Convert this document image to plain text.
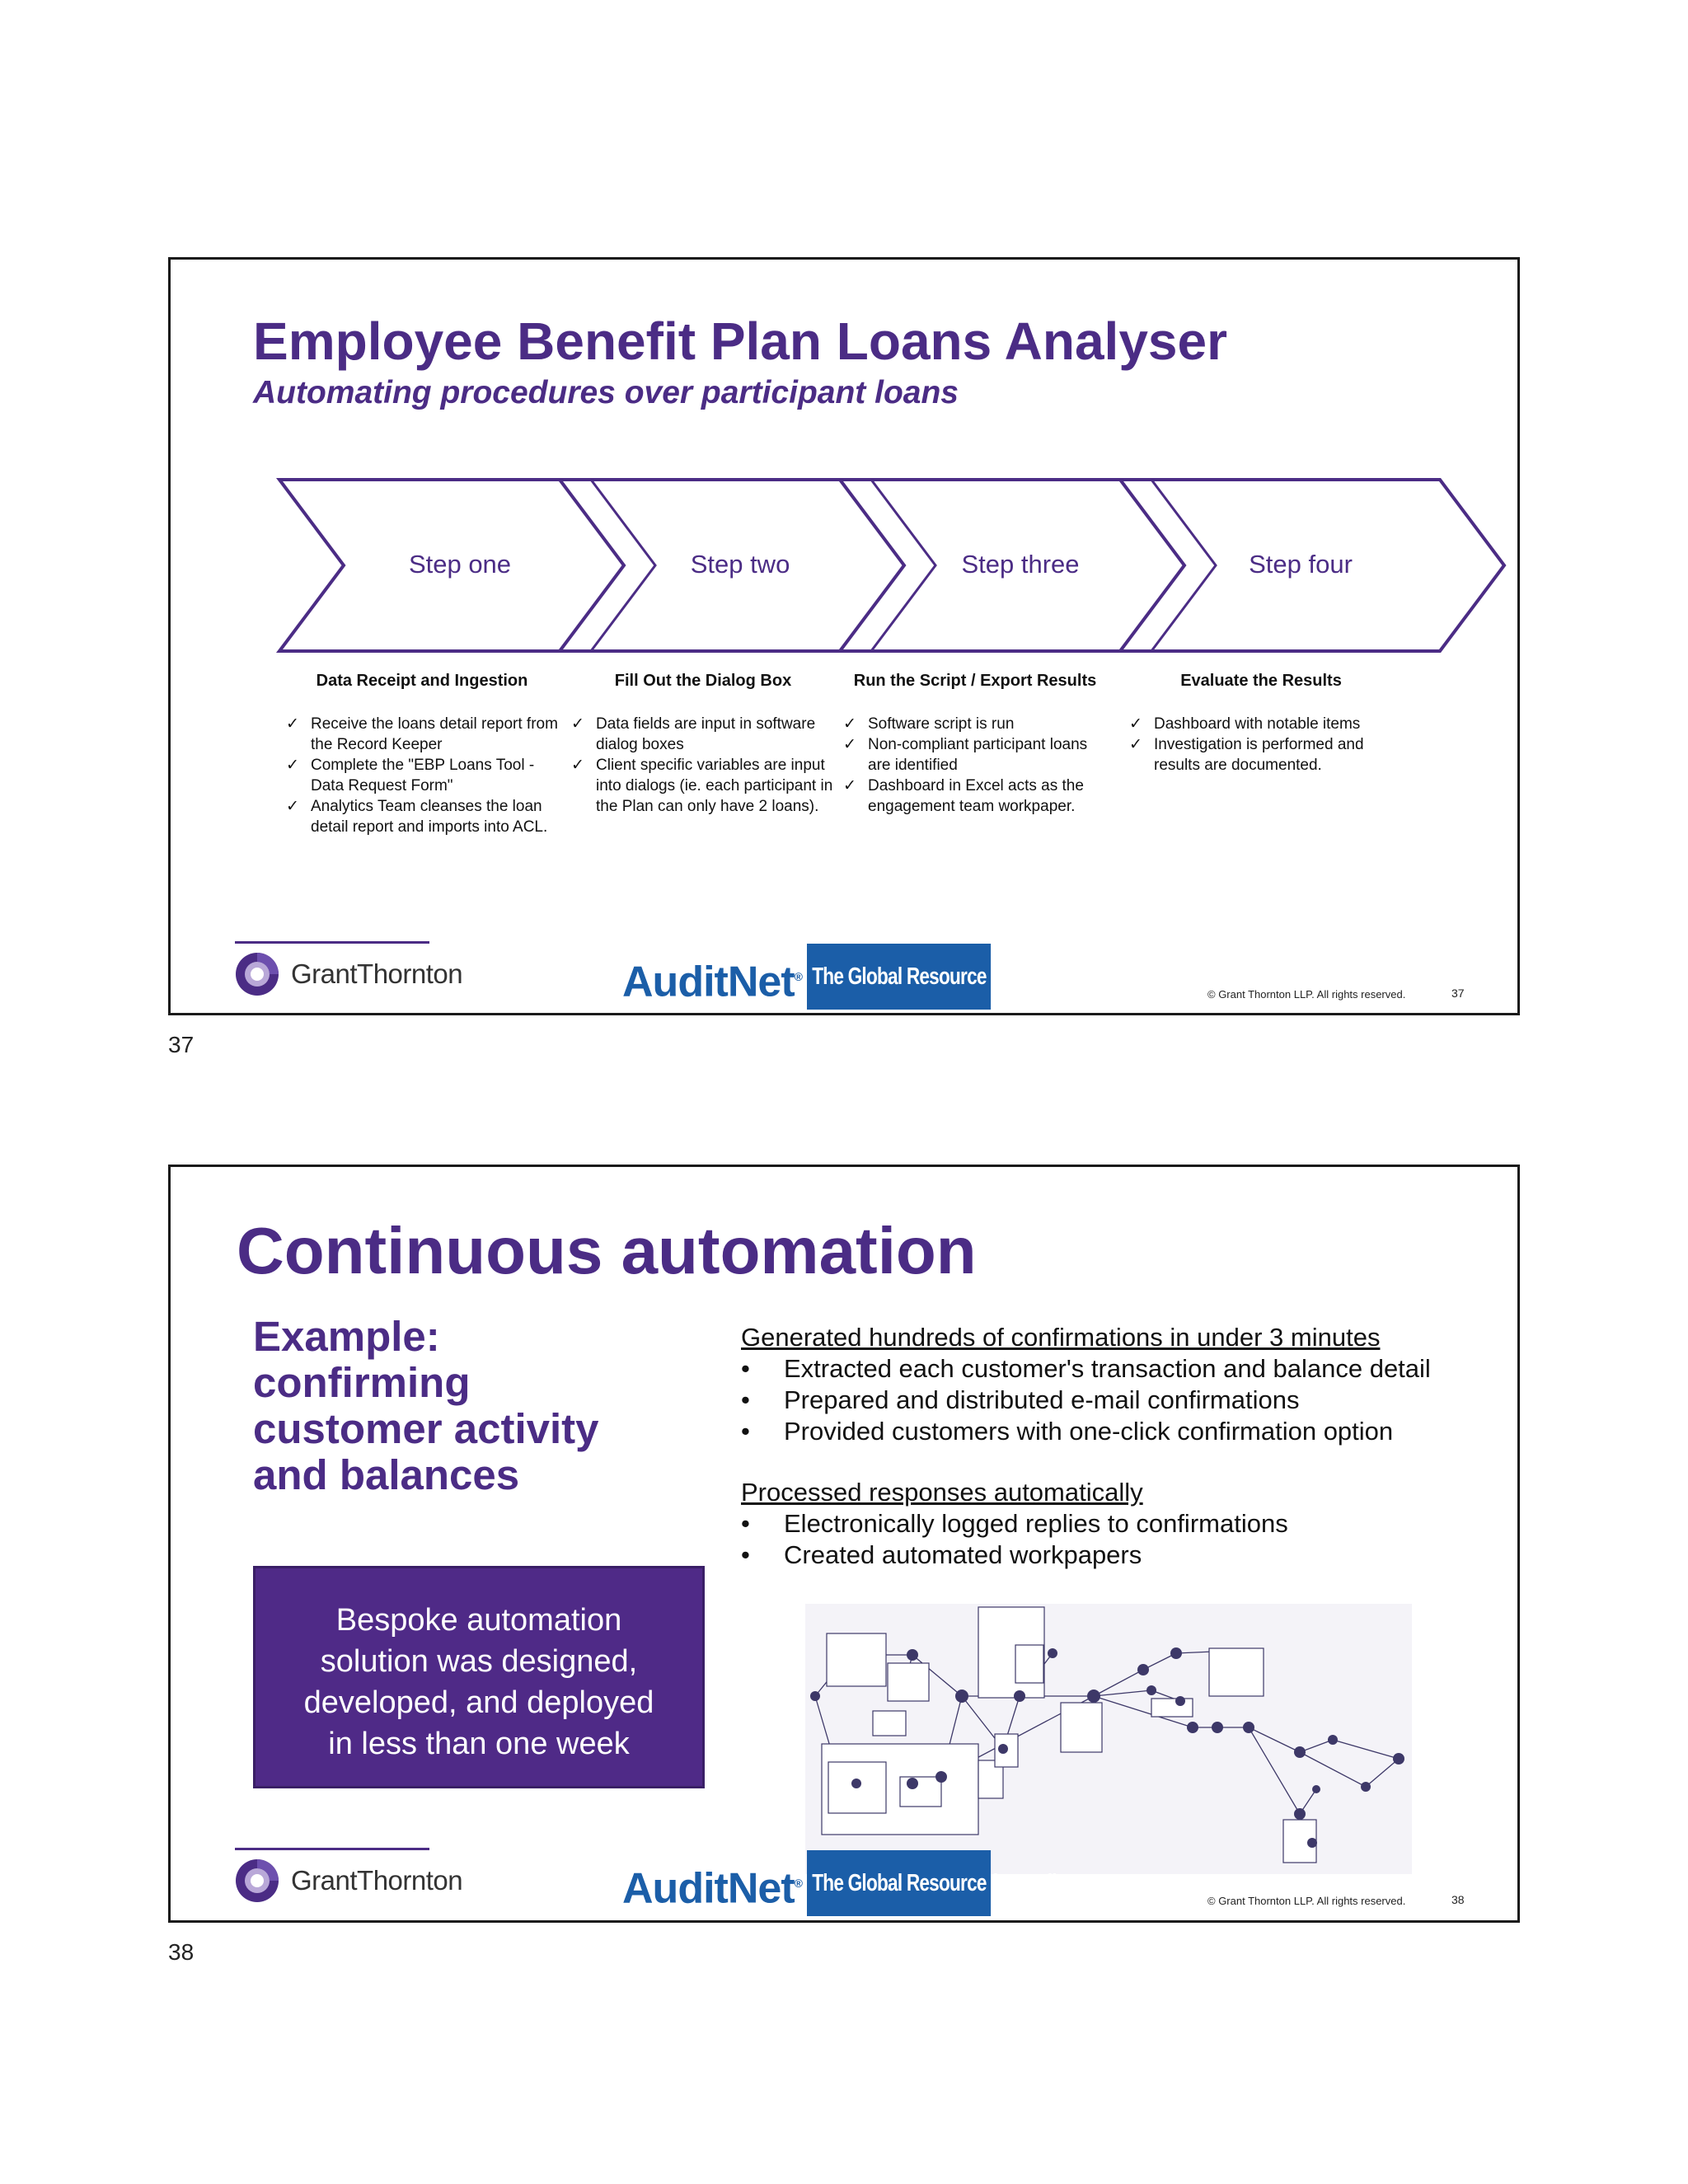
Employee Benefit Plan Loans Analyser
Automating procedures over participant loans
Step one	Step two	Step three	Step four
Data Receipt and Ingestion
✓ Receive the loans detail report from the Record Keeper
✓ Complete the "EBP Loans Tool - Data Request Form"
✓ Analytics Team cleanses the loan detail report and imports into ACL.
Fill Out the Dialog Box
✓ Data fields are input in software dialog boxes
✓ Client specific variables are input into dialogs (ie. each participant in the Plan can only have 2 loans).
Run the Script / Export Results
✓ Software script is run
✓ Non-compliant participant loans are identified
✓ Dashboard in Excel acts as the engagement team workpaper.
Evaluate the Results
✓ Dashboard with notable items
✓ Investigation is performed and results are documented.
GrantThornton	AuditNet® The Global Resource for Auditors
© Grant Thornton LLP. All rights reserved.	37
37
Continuous automation
Example:
confirming
customer activity
and balances
Bespoke automation
solution was designed,
developed, and deployed
in less than one week
Generated hundreds of confirmations in under 3 minutes
• Extracted each customer's transaction and balance detail
• Prepared and distributed e-mail confirmations
• Provided customers with one-click confirmation option
Processed responses automatically
• Electronically logged replies to confirmations
• Created automated workpapers
GrantThornton	AuditNet® The Global Resource for Auditors
© Grant Thornton LLP. All rights reserved.	38
38
